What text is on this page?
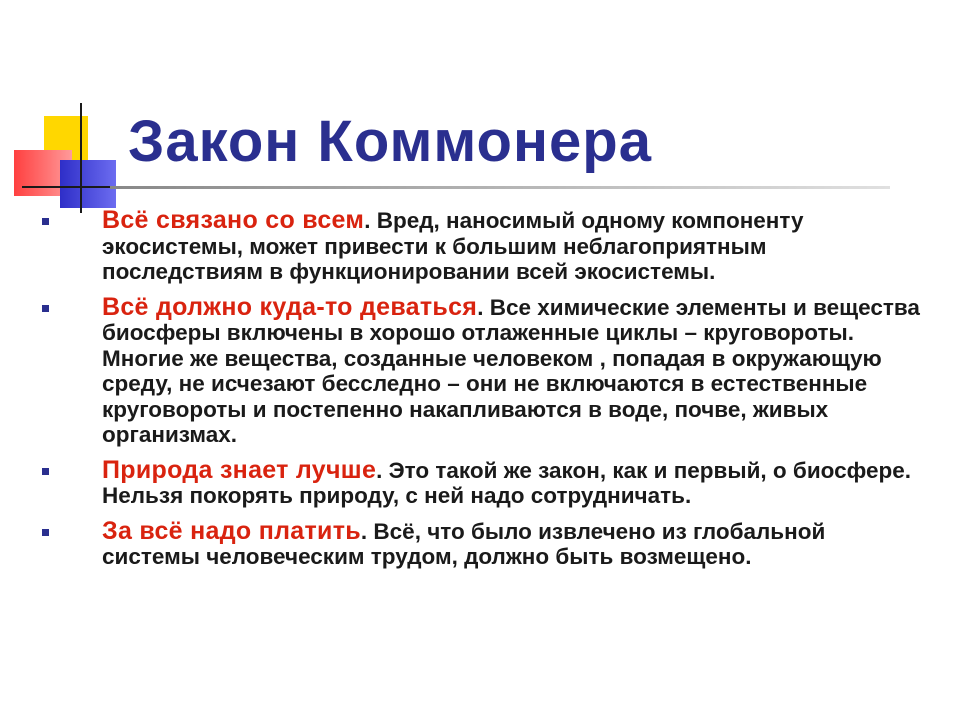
Закон Коммонера
Всё связано со всем. Вред, наносимый одному компоненту экосистемы, может привести к большим неблагоприятным последствиям в функционировании всей экосистемы.
Всё должно куда-то деваться. Все химические элементы и вещества биосферы включены в хорошо отлаженные циклы – круговороты. Многие же вещества, созданные человеком , попадая в окружающую среду, не исчезают бесследно – они не включаются в естественные круговороты и постепенно накапливаются в воде, почве, живых организмах.
Природа знает лучше. Это такой же закон, как и первый, о биосфере. Нельзя покорять природу, с ней надо сотрудничать.
За всё надо платить. Всё, что было извлечено из глобальной системы человеческим трудом, должно быть возмещено.
